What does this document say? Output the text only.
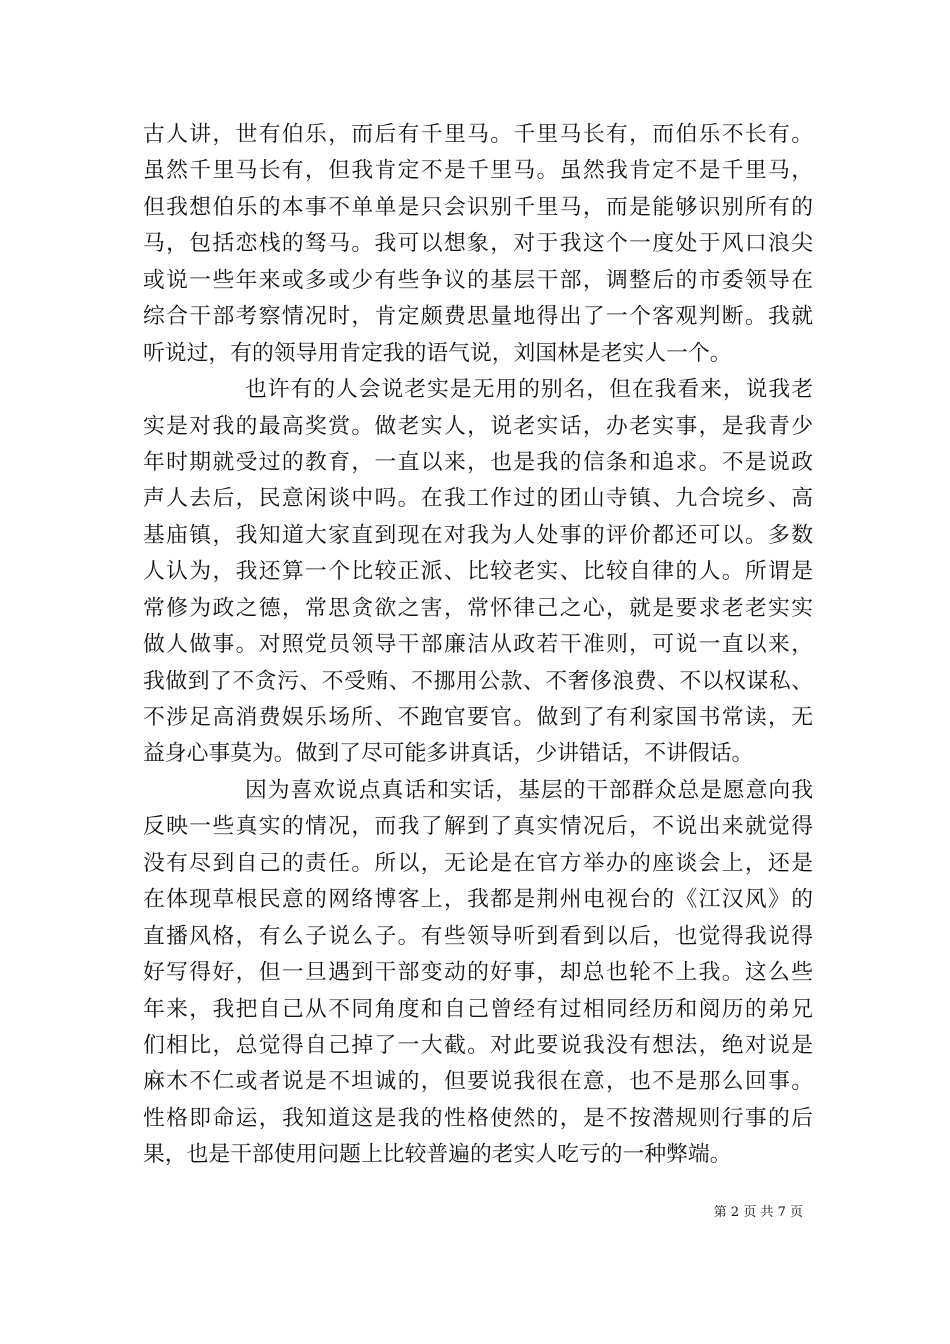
古人讲，世有伯乐，而后有千里马。千里马长有，而伯乐不长有。
虽然千里马长有，但我肯定不是千里马。虽然我肯定不是千里马，
但我想伯乐的本事不单单是只会识别千里马，而是能够识别所有的
马，包括恋栈的驽马。我可以想象，对于我这个一度处于风口浪尖
或说一些年来或多或少有些争议的基层干部，调整后的市委领导在
综合干部考察情况时，肯定颇费思量地得出了一个客观判断。我就
听说过，有的领导用肯定我的语气说，刘国林是老实人一个。
也许有的人会说老实是无用的别名，但在我看来，说我老
实是对我的最高奖赏。做老实人，说老实话，办老实事，是我青少
年时期就受过的教育，一直以来，也是我的信条和追求。不是说政
声人去后，民意闲谈中吗。在我工作过的团山寺镇、九合垸乡、高
基庙镇，我知道大家直到现在对我为人处事的评价都还可以。多数
人认为，我还算一个比较正派、比较老实、比较自律的人。所谓是
常修为政之德，常思贪欲之害，常怀律己之心，就是要求老老实实
做人做事。对照党员领导干部廉洁从政若干准则，可说一直以来，
我做到了不贪污、不受贿、不挪用公款、不奢侈浪费、不以权谋私、
不涉足高消费娱乐场所、不跑官要官。做到了有利家国书常读，无
益身心事莫为。做到了尽可能多讲真话，少讲错话，不讲假话。
因为喜欢说点真话和实话，基层的干部群众总是愿意向我
反映一些真实的情况，而我了解到了真实情况后，不说出来就觉得
没有尽到自己的责任。所以，无论是在官方举办的座谈会上，还是
在体现草根民意的网络博客上，我都是荆州电视台的《江汉风》的
直播风格，有么子说么子。有些领导听到看到以后，也觉得我说得
好写得好，但一旦遇到干部变动的好事，却总也轮不上我。这么些
年来，我把自己从不同角度和自己曾经有过相同经历和阅历的弟兄
们相比，总觉得自己掉了一大截。对此要说我没有想法，绝对说是
麻木不仁或者说是不坦诚的，但要说我很在意，也不是那么回事。
性格即命运，我知道这是我的性格使然的，是不按潜规则行事的后
果，也是干部使用问题上比较普遍的老实人吃亏的一种弊端。
第 2 页 共 7 页
